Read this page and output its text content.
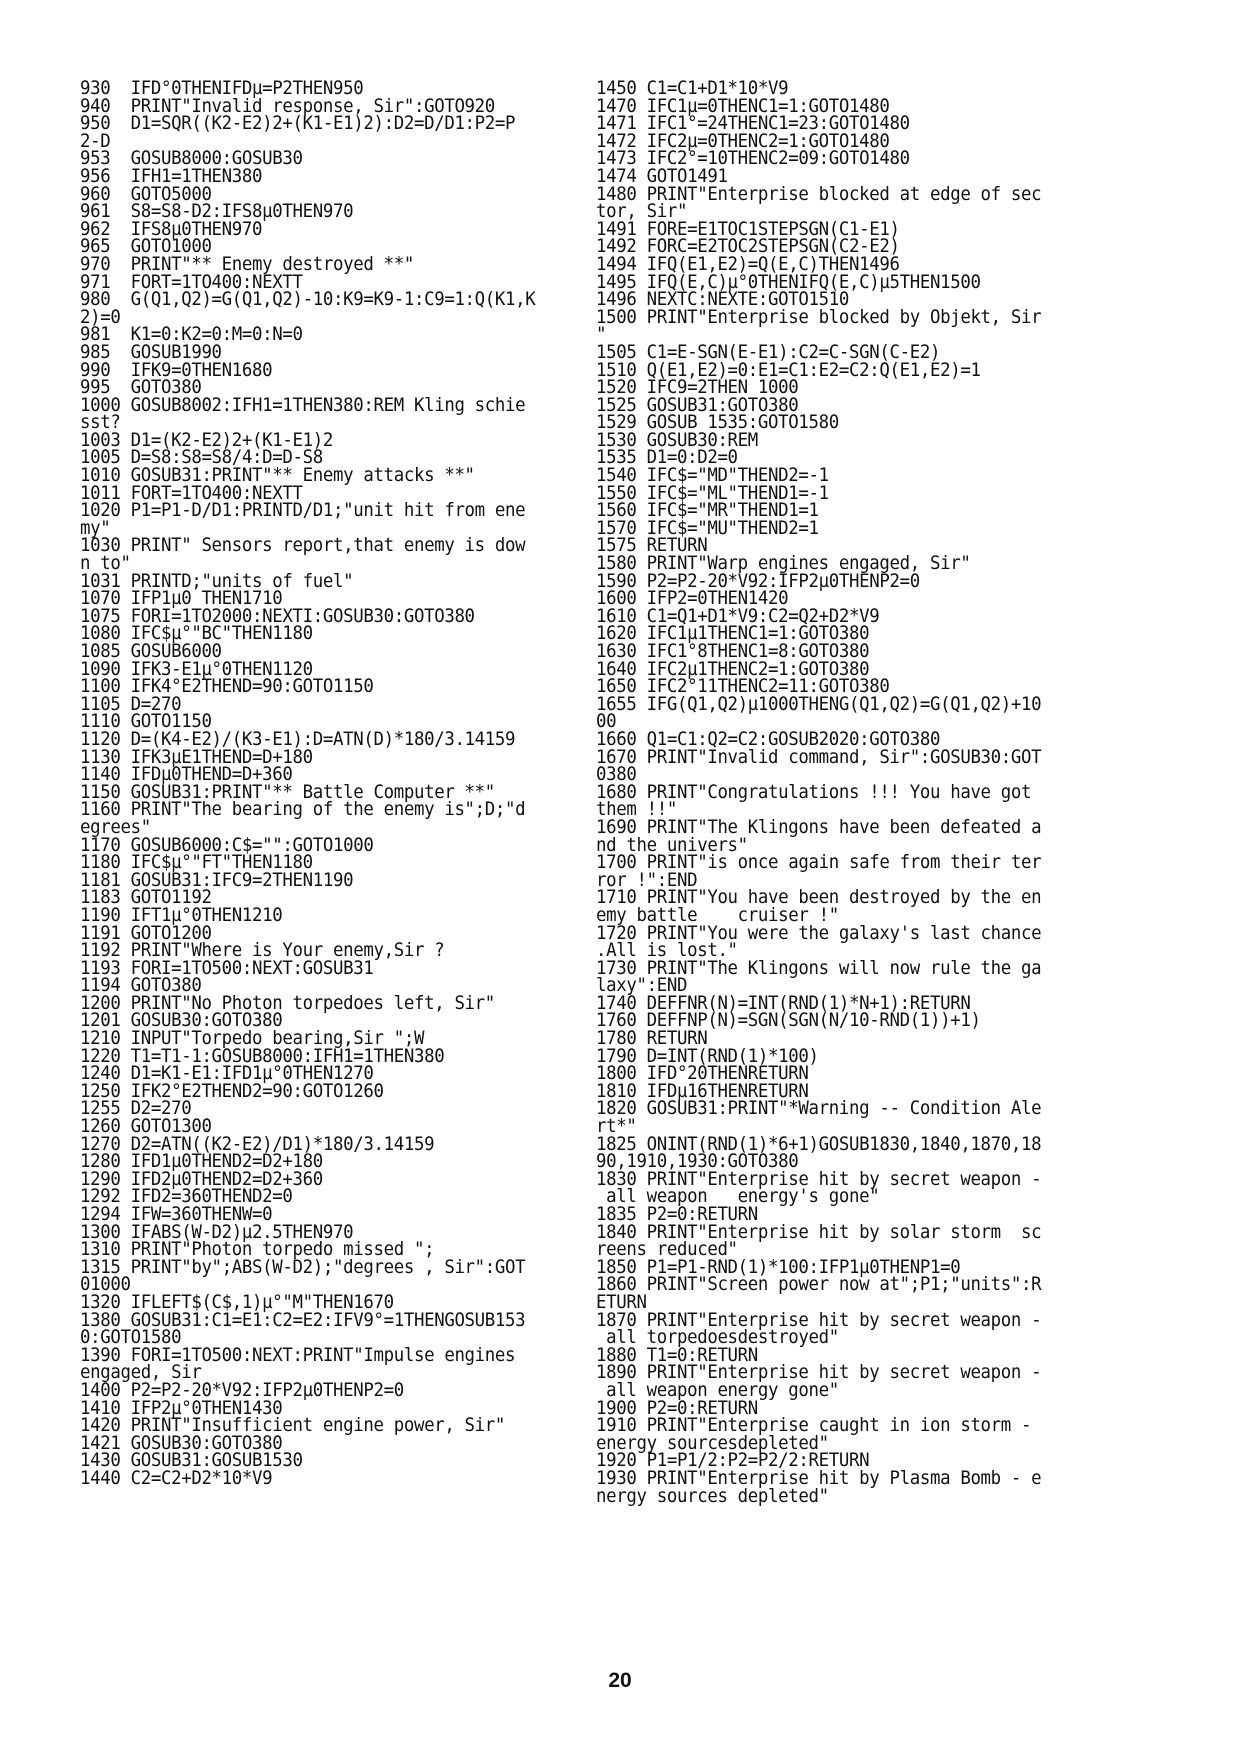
930  IFD°0THENIFDµ=P2THEN950
940  PRINT"Invalid response, Sir":GOTO920
950  D1=SQR((K2-E2)2+(K1-E1)2):D2=D/D1:P2=P
2-D
953  GOSUB8000:GOSUB30
956  IFH1=1THEN380
960  GOTO5000
961  S8=S8-D2:IFS8µ0THEN970
962  IFS8µ0THEN970
965  GOTO1000
970  PRINT"** Enemy destroyed **"
971  FORT=1TO400:NEXTT
980  G(Q1,Q2)=G(Q1,Q2)-10:K9=K9-1:C9=1:Q(K1,K
2)=0
981  K1=0:K2=0:M=0:N=0
985  GOSUB1990
990  IFK9=0THEN1680
995  GOTO380
1000 GOSUB8002:IFH1=1THEN380:REM Kling schie
sst?
1003 D1=(K2-E2)2+(K1-E1)2
1005 D=S8:S8=S8/4:D=D-S8
1010 GOSUB31:PRINT"** Enemy attacks **"
1011 FORT=1TO400:NEXTT
1020 P1=P1-D/D1:PRINTD/D1;"unit hit from ene
my"
1030 PRINT" Sensors report,that enemy is dow
n to"
1031 PRINTD;"units of fuel"
1070 IFP1µ0 THEN1710
1075 FORI=1TO2000:NEXTI:GOSUB30:GOTO380
1080 IFC$µ°"BC"THEN1180
1085 GOSUB6000
1090 IFK3-E1µ°0THEN1120
1100 IFK4°E2THEND=90:GOTO1150
1105 D=270
1110 GOTO1150
1120 D=(K4-E2)/(K3-E1):D=ATN(D)*180/3.14159
1130 IFK3µE1THEND=D+180
1140 IFDµ0THEND=D+360
1150 GOSUB31:PRINT"** Battle Computer **"
1160 PRINT"The bearing of the enemy is";D;"d
egrees"
1170 GOSUB6000:C$="":GOTO1000
1180 IFC$µ°"FT"THEN1180
1181 GOSUB31:IFC9=2THEN1190
1183 GOTO1192
1190 IFT1µ°0THEN1210
1191 GOTO1200
1192 PRINT"Where is Your enemy,Sir ?
1193 FORI=1TO500:NEXT:GOSUB31
1194 GOTO380
1200 PRINT"No Photon torpedoes left, Sir"
1201 GOSUB30:GOTO380
1210 INPUT"Torpedo bearing,Sir ";W
1220 T1=T1-1:GOSUB8000:IFH1=1THEN380
1240 D1=K1-E1:IFD1µ°0THEN1270
1250 IFK2°E2THEND2=90:GOTO1260
1255 D2=270
1260 GOTO1300
1270 D2=ATN((K2-E2)/D1)*180/3.14159
1280 IFD1µ0THEND2=D2+180
1290 IFD2µ0THEND2=D2+360
1292 IFD2=360THEND2=0
1294 IFW=360THENW=0
1300 IFABS(W-D2)µ2.5THEN970
1310 PRINT"Photon torpedo missed ";
1315 PRINT"by";ABS(W-D2);"degrees , Sir":GOT
01000
1320 IFLEFT$(C$,1)µ°"M"THEN1670
1380 GOSUB31:C1=E1:C2=E2:IFV9°=1THENGOSUB153
0:GOTO1580
1390 FORI=1TO500:NEXT:PRINT"Impulse engines
engaged, Sir
1400 P2=P2-20*V92:IFP2µ0THENP2=0
1410 IFP2µ°0THEN1430
1420 PRINT"Insufficient engine power, Sir"
1421 GOSUB30:GOTO380
1430 GOSUB31:GOSUB1530
1440 C2=C2+D2*10*V9
1450 C1=C1+D1*10*V9
1470 IFC1µ=0THENC1=1:GOTO1480
1471 IFC1°=24THENC1=23:GOTO1480
1472 IFC2µ=0THENC2=1:GOTO1480
1473 IFC2°=10THENC2=09:GOTO1480
1474 GOTO1491
1480 PRINT"Enterprise blocked at edge of sec
tor, Sir"
1491 FORE=E1TOC1STEPSGN(C1-E1)
1492 FORC=E2TOC2STEPSGN(C2-E2)
1494 IFQ(E1,E2)=Q(E,C)THEN1496
1495 IFQ(E,C)µ°0THENIFQ(E,C)µ5THEN1500
1496 NEXTC:NEXTE:GOTO1510
1500 PRINT"Enterprise blocked by Objekt, Sir
"
1505 C1=E-SGN(E-E1):C2=C-SGN(C-E2)
1510 Q(E1,E2)=0:E1=C1:E2=C2:Q(E1,E2)=1
1520 IFC9=2THEN 1000
1525 GOSUB31:GOTO380
1529 GOSUB 1535:GOTO1580
1530 GOSUB30:REM
1535 D1=0:D2=0
1540 IFC$="MD"THEND2=-1
1550 IFC$="ML"THEND1=-1
1560 IFC$="MR"THEND1=1
1570 IFC$="MU"THEND2=1
1575 RETURN
1580 PRINT"Warp engines engaged, Sir"
1590 P2=P2-20*V92:IFP2µ0THENP2=0
1600 IFP2=0THEN1420
1610 C1=Q1+D1*V9:C2=Q2+D2*V9
1620 IFC1µ1THENC1=1:GOTO380
1630 IFC1°8THENC1=8:GOTO380
1640 IFC2µ1THENC2=1:GOTO380
1650 IFC2°11THENC2=11:GOTO380
1655 IFG(Q1,Q2)µ1000THENG(Q1,Q2)=G(Q1,Q2)+10
00
1660 Q1=C1:Q2=C2:GOSUB2020:GOTO380
1670 PRINT"Invalid command, Sir":GOSUB30:GOT
0380
1680 PRINT"Congratulations !!! You have got
them !!"
1690 PRINT"The Klingons have been defeated a
nd the univers"
1700 PRINT"is once again safe from their ter
ror !":END
1710 PRINT"You have been destroyed by the en
emy battle    cruiser !"
1720 PRINT"You were the galaxy's last chance
.All is lost."
1730 PRINT"The Klingons will now rule the ga
laxy":END
1740 DEFFNR(N)=INT(RND(1)*N+1):RETURN
1760 DEFFNP(N)=SGN(SGN(N/10-RND(1))+1)
1780 RETURN
1790 D=INT(RND(1)*100)
1800 IFD°20THENRETURN
1810 IFDµ16THENRETURN
1820 GOSUB31:PRINT"*Warning -- Condition Ale
rt*"
1825 ONINT(RND(1)*6+1)GOSUB1830,1840,1870,18
90,1910,1930:GOTO380
1830 PRINT"Enterprise hit by secret weapon -
all weapon   energy's gone"
1835 P2=0:RETURN
1840 PRINT"Enterprise hit by solar storm  sc
reens reduced"
1850 P1=P1-RND(1)*100:IFP1µ0THENP1=0
1860 PRINT"Screen power now at";P1;"units":R
ETURN
1870 PRINT"Enterprise hit by secret weapon -
all torpedoesdestroyed"
1880 T1=0:RETURN
1890 PRINT"Enterprise hit by secret weapon -
all weapon energy gone"
1900 P2=0:RETURN
1910 PRINT"Enterprise caught in ion storm -
energy sourcesdepleted"
1920 P1=P1/2:P2=P2/2:RETURN
1930 PRINT"Enterprise hit by Plasma Bomb - e
nergy sources depleted"
20
